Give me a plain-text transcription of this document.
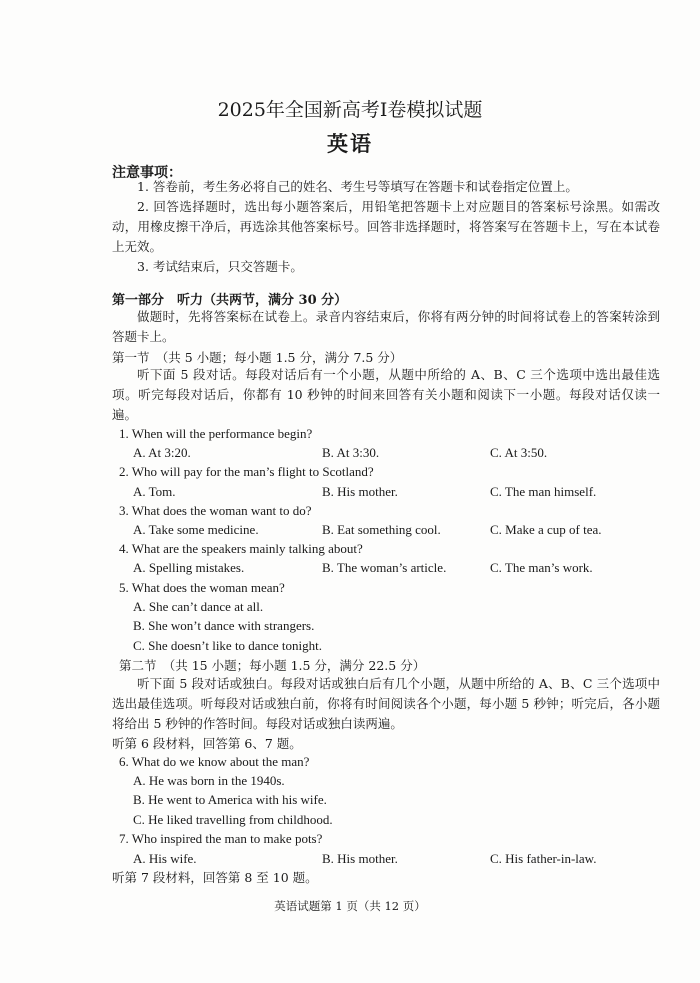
2025年全国新高考Ⅰ卷模拟试题
英语
注意事项：
1. 答卷前，考生务必将自己的姓名、考生号等填写在答题卡和试卷指定位置上。
2. 回答选择题时，选出每小题答案后，用铅笔把答题卡上对应题目的答案标号涂黑。如需改动，用橡皮擦干净后，再选涂其他答案标号。回答非选择题时，将答案写在答题卡上，写在本试卷上无效。
3. 考试结束后，只交答题卡。
第一部分　听力（共两节，满分 30 分）
做题时，先将答案标在试卷上。录音内容结束后，你将有两分钟的时间将试卷上的答案转涂到答题卡上。
第一节　（共 5 小题；每小题 1.5 分，满分 7.5 分）
听下面 5 段对话。每段对话后有一个小题，从题中所给的 A、B、C 三个选项中选出最佳选项。听完每段对话后，你都有 10 秒钟的时间来回答有关小题和阅读下一小题。每段对话仅读一遍。
1. When will the performance begin?
A. At 3:20.	B. At 3:30.	C. At 3:50.
2. Who will pay for the man’s flight to Scotland?
A. Tom.	B. His mother.	C. The man himself.
3. What does the woman want to do?
A. Take some medicine.	B. Eat something cool.	C. Make a cup of tea.
4. What are the speakers mainly talking about?
A. Spelling mistakes.	B. The woman’s article.	C. The man’s work.
5. What does the woman mean?
A. She can’t dance at all.
B. She won’t dance with strangers.
C. She doesn’t like to dance tonight.
第二节　（共 15 小题；每小题 1.5 分，满分 22.5 分）
听下面 5 段对话或独白。每段对话或独白后有几个小题，从题中所给的 A、B、C 三个选项中选出最佳选项。听每段对话或独白前，你将有时间阅读各个小题，每小题 5 秒钟；听完后，各小题将给出 5 秒钟的作答时间。每段对话或独白读两遍。
听第 6 段材料，回答第 6、7 题。
6. What do we know about the man?
A. He was born in the 1940s.
B. He went to America with his wife.
C. He liked travelling from childhood.
7. Who inspired the man to make pots?
A. His wife.	B. His mother.	C. His father-in-law.
听第 7 段材料，回答第 8 至 10 题。
英语试题第 1 页（共 12 页）
